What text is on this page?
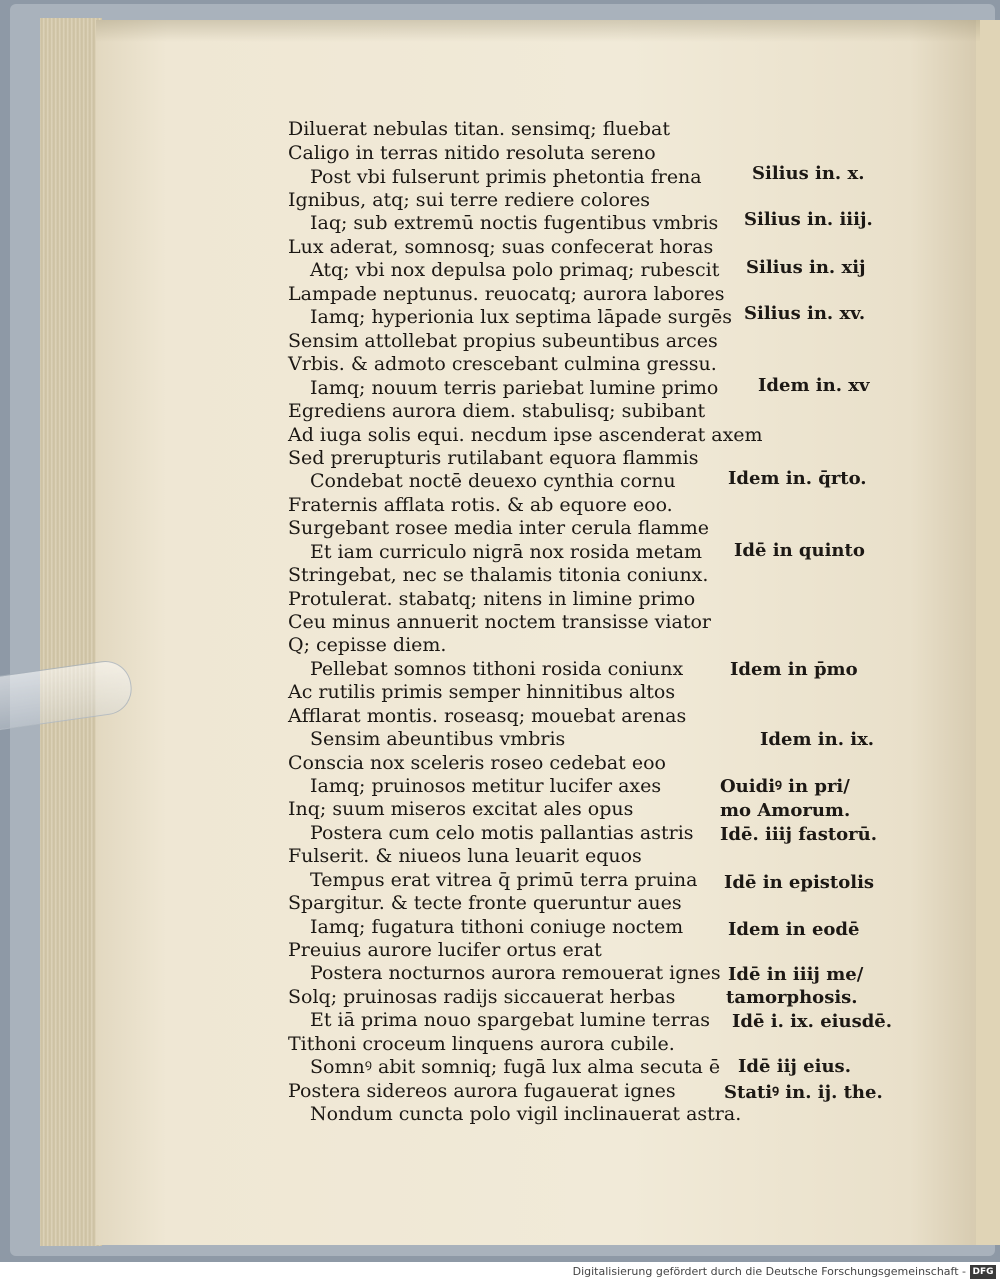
Diluerat nebulas titan. sensimq; fluebat
Caligo in terras nitido resoluta sereno
Post vbi fulserunt primis phetontia frena
Ignibus, atq; sui terre rediere colores
Iaq; sub extremū noctis fugentibus vmbris
Lux aderat, somnosq; suas confecerat horas
Atq; vbi nox depulsa polo primaq; rubescit
Lampade neptunus. reuocatq; aurora labores
Iamq; hyperionia lux septima lāpade surgēs
Sensim attollebat propius subeuntibus arces
Vrbis. & admoto crescebant culmina gressu.
Iamq; nouum terris pariebat lumine primo
Egrediens aurora diem. stabulisq; subibant
Ad iuga solis equi. necdum ipse ascenderat axem
Sed prerupturis rutilabant equora flammis
Condebat noctē deuexo cynthia cornu
Fraternis afflata rotis. & ab equore eoo.
Surgebant rosee media inter cerula flamme
Et iam curriculo nigrā nox rosida metam
Stringebat, nec se thalamis titonia coniunx.
Protulerat. stabatq; nitens in limine primo
Ceu minus annuerit noctem transisse viator
Q; cepisse diem.
Pellebat somnos tithoni rosida coniunx
Ac rutilis primis semper hinnitibus altos
Afflarat montis. roseasq; mouebat arenas
Sensim abeuntibus vmbris
Conscia nox sceleris roseo cedebat eoo
Iamq; pruinosos metitur lucifer axes
Inq; suum miseros excitat ales opus
Postera cum celo motis pallantias astris
Fulserit. & niueos luna leuarit equos
Tempus erat vitrea q̄ primū terra pruina
Spargitur. & tecte fronte queruntur aues
Iamq; fugatura tithoni coniuge noctem
Preuius aurore lucifer ortus erat
Postera nocturnos aurora remouerat ignes
Solq; pruinosas radijs siccauerat herbas
Et iā prima nouo spargebat lumine terras
Tithoni croceum linquens aurora cubile.
Somnꝰ abit somniq; fugā lux alma secuta ē
Postera sidereos aurora fugauerat ignes
Nondum cuncta polo vigil inclinauerat astra.
Silius in. x.
Silius in. iiij.
Silius in. xij
Silius in. xv.
Idem in. xv
Idem in. q̄rto.
Idē in quinto
Idem in p̄mo
Idem in. ix.
Ouidiꝰ in pri/
mo Amorum.
Idē. iiij fastorū.
Idē in epistolis
Idem in eodē
Idē in iiij me/
tamorphosis.
Idē i. ix. eiusdē.
Idē iij eius.
Statiꝰ in. ij. the.
Digitalisierung gefördert durch die Deutsche Forschungsgemeinschaft - DFG
